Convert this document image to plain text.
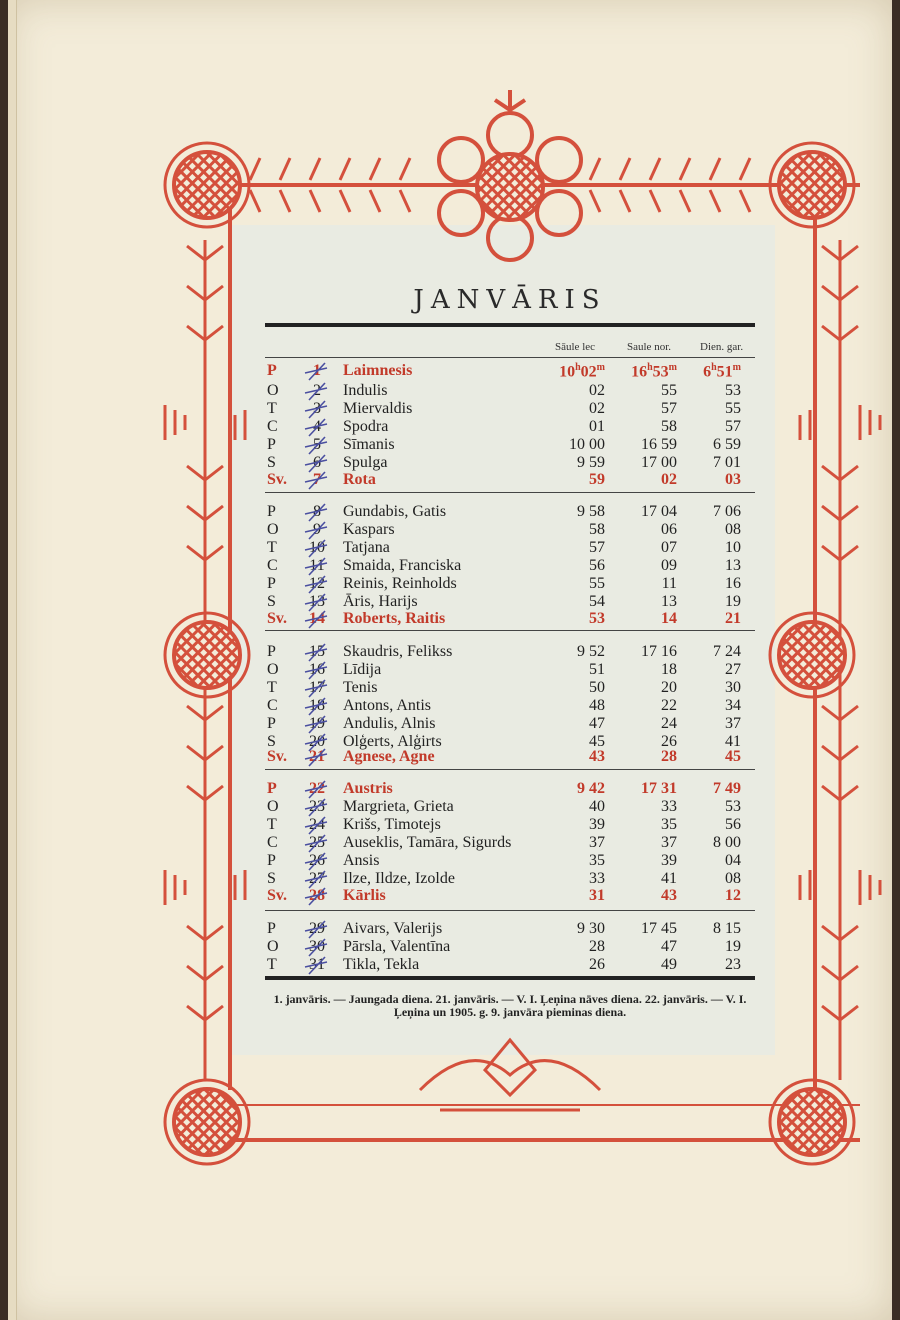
JANVĀRIS
Sāule lec	Saule nor.	Dien. gar.
P	1	Laimnesis	10$^h$02$^m$	16$^h$53$^m$	6$^h$51$^m$
O	2	Indulis	02	55	53
T	3	Miervaldis	02	57	55
C	4	Spodra	01	58	57
P	5	Sīmanis	10 00	16 59	6 59
S	6	Spulga	9 59	17 00	7 01
Sv.	7	Rota	59	02	03
P	8	Gundabis, Gatis	9 58	17 04	7 06
O	9	Kaspars	58	06	08
T	10	Tatjana	57	07	10
C	11	Smaida, Franciska	56	09	13
P	12	Reinis, Reinholds	55	11	16
S	13	Āris, Harijs	54	13	19
Sv.	14	Roberts, Raitis	53	14	21
P	15	Skaudris, Felikss	9 52	17 16	7 24
O	16	Līdija	51	18	27
T	17	Tenis	50	20	30
C	18	Antons, Antis	48	22	34
P	19	Andulis, Alnis	47	24	37
S	20	Olģerts, Alģirts	45	26	41
Sv.	21	Agnese, Agne	43	28	45
P	22	Austris	9 42	17 31	7 49
O	23	Margrieta, Grieta	40	33	53
T	24	Krišs, Timotejs	39	35	56
C	25	Auseklis, Tamāra, Sigurds	37	37	8 00
P	26	Ansis	35	39	04
S	27	Ilze, Ildze, Izolde	33	41	08
Sv.	28	Kārlis	31	43	12
P	29	Aivars, Valerijs	9 30	17 45	8 15
O	30	Pārsla, Valentīna	28	47	19
T	31	Tikla, Tekla	26	49	23
1. janvāris. — Jaungada diena. 21. janvāris. — V. I. Ļeņina nāves diena. 22. janvāris. — V. I. Ļeņina un 1905. g. 9. janvāra pieminas diena.
